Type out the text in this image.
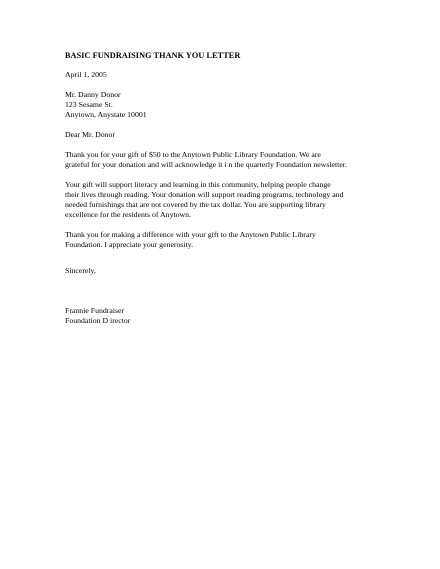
BASIC FUNDRAISING THANK YOU LETTER
April 1, 2005
Mr. Danny Donor
123 Sesame St.
Anytown, Anystate 10001
Dear Mr. Donor
Thank you for your gift of $50 to the Anytown Public Library Foundation. We are
grateful for your donation and will acknowledge it i n the quarterly Foundation newsletter.
Your gift will support literacy and learning in this community, helping people change
their lives through reading. Your donation will support reading programs, technology and
needed furnishings that are not covered by the tax dollar. You are supporting library
excellence for the residents of Anytown.
Thank you for making a difference with your gift to the Anytown Public Library
Foundation. I appreciate your generosity.
Sincerely,
Frannie Fundraiser
Foundation D irector
